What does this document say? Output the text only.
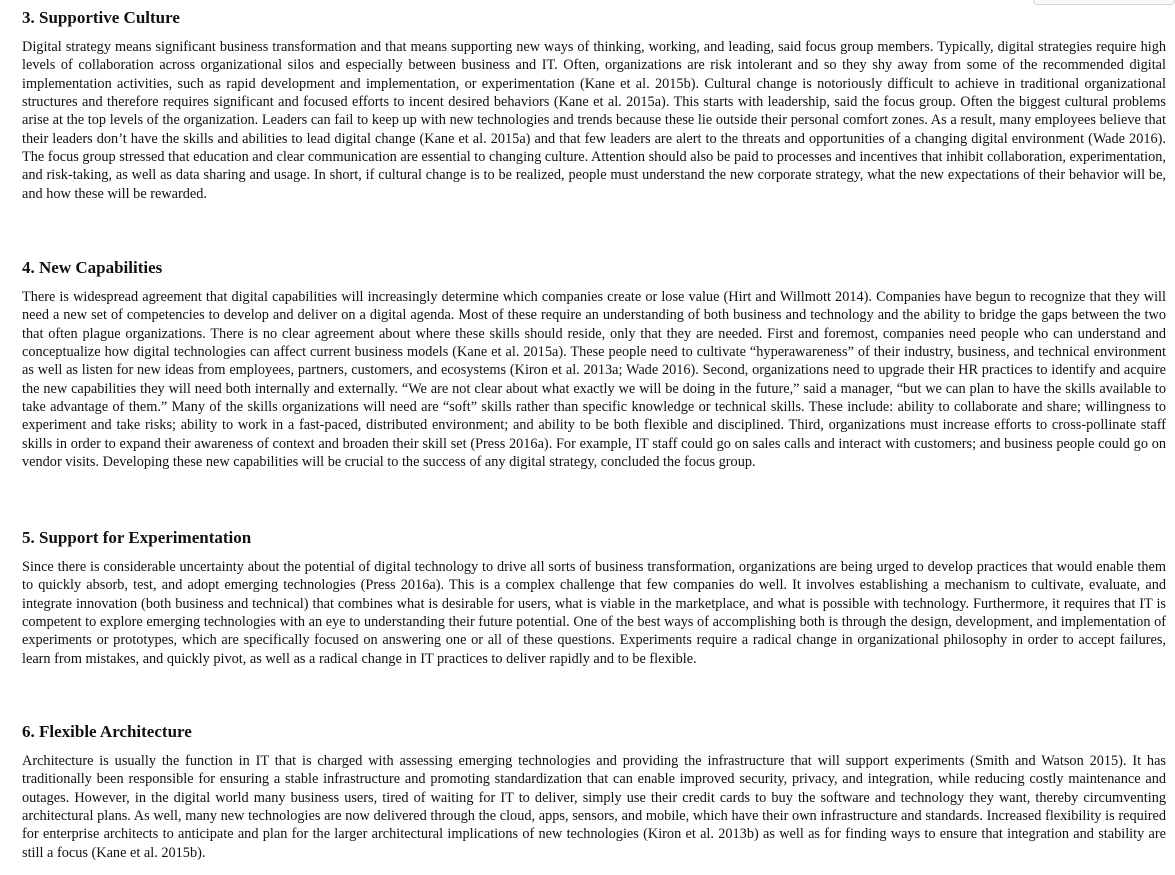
3. Supportive Culture

Digital strategy means significant business transformation and that means supporting new ways of thinking, working, and leading, said focus group members. Typically, digital strategies require high levels of collaboration across organizational silos and especially between business and IT. Often, organizations are risk intolerant and so they shy away from some of the recommended digital implementation activities, such as rapid development and implementation, or experimentation (Kane et al. 2015b). Cultural change is notoriously difficult to achieve in traditional organizational structures and therefore requires significant and focused efforts to incent desired behaviors (Kane et al. 2015a). This starts with leadership, said the focus group. Often the biggest cultural problems arise at the top levels of the organization. Leaders can fail to keep up with new technologies and trends because these lie outside their personal comfort zones. As a result, many employees believe that their leaders don’t have the skills and abilities to lead digital change (Kane et al. 2015a) and that few leaders are alert to the threats and opportunities of a changing digital environment (Wade 2016). The focus group stressed that education and clear communication are essential to changing culture. Attention should also be paid to processes and incentives that inhibit collaboration, experimentation, and risk-taking, as well as data sharing and usage. In short, if cultural change is to be realized, people must understand the new corporate strategy, what the new expectations of their behavior will be, and how these will be rewarded.

4. New Capabilities

There is widespread agreement that digital capabilities will increasingly determine which companies create or lose value (Hirt and Willmott 2014). Companies have begun to recognize that they will need a new set of competencies to develop and deliver on a digital agenda. Most of these require an understanding of both business and technology and the ability to bridge the gaps between the two that often plague organizations. There is no clear agreement about where these skills should reside, only that they are needed. First and foremost, companies need people who can understand and conceptualize how digital technologies can affect current business models (Kane et al. 2015a). These people need to cultivate “hyperawareness” of their industry, business, and technical environment as well as listen for new ideas from employees, partners, customers, and ecosystems (Kiron et al. 2013a; Wade 2016). Second, organizations need to upgrade their HR practices to identify and acquire the new capabilities they will need both internally and externally. “We are not clear about what exactly we will be doing in the future,” said a manager, “but we can plan to have the skills available to take advantage of them.” Many of the skills organizations will need are “soft” skills rather than specific knowledge or technical skills. These include: ability to collaborate and share; willingness to experiment and take risks; ability to work in a fast-paced, distributed environment; and ability to be both flexible and disciplined. Third, organizations must increase efforts to cross-pollinate staff skills in order to expand their awareness of context and broaden their skill set (Press 2016a). For example, IT staff could go on sales calls and interact with customers; and business people could go on vendor visits. Developing these new capabilities will be crucial to the success of any digital strategy, concluded the focus group.

5. Support for Experimentation

Since there is considerable uncertainty about the potential of digital technology to drive all sorts of business transformation, organizations are being urged to develop practices that would enable them to quickly absorb, test, and adopt emerging technologies (Press 2016a). This is a complex challenge that few companies do well. It involves establishing a mechanism to cultivate, evaluate, and integrate innovation (both business and technical) that combines what is desirable for users, what is viable in the marketplace, and what is possible with technology. Furthermore, it requires that IT is competent to explore emerging technologies with an eye to understanding their future potential. One of the best ways of accomplishing both is through the design, development, and implementation of experiments or prototypes, which are specifically focused on answering one or all of these questions. Experiments require a radical change in organizational philosophy in order to accept failures, learn from mistakes, and quickly pivot, as well as a radical change in IT practices to deliver rapidly and to be flexible.

6. Flexible Architecture

Architecture is usually the function in IT that is charged with assessing emerging technologies and providing the infrastructure that will support experiments (Smith and Watson 2015). It has traditionally been responsible for ensuring a stable infrastructure and promoting standardization that can enable improved security, privacy, and integration, while reducing costly maintenance and outages. However, in the digital world many business users, tired of waiting for IT to deliver, simply use their credit cards to buy the software and technology they want, thereby circumventing architectural plans. As well, many new technologies are now delivered through the cloud, apps, sensors, and mobile, which have their own infrastructure and standards. Increased flexibility is required for enterprise architects to anticipate and plan for the larger architectural implications of new technologies (Kiron et al. 2013b) as well as for finding ways to ensure that integration and stability are still a focus (Kane et al. 2015b).
